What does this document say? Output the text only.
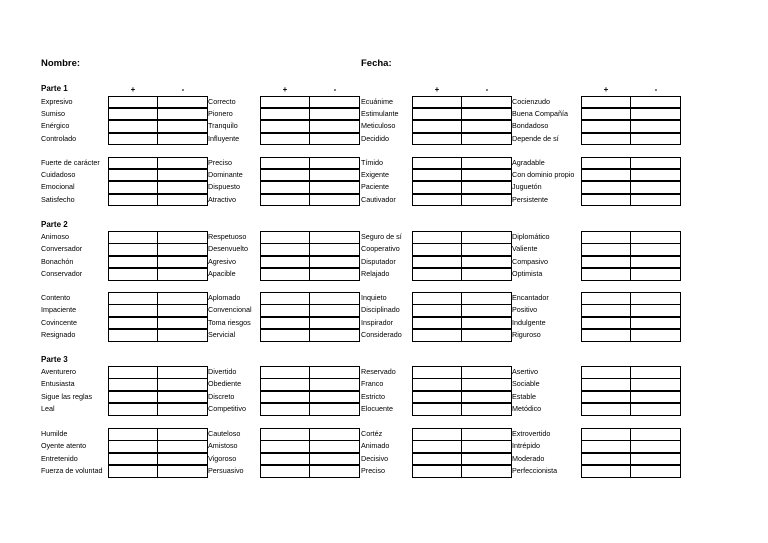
Nombre:	Fecha:
+	-	+	-	+	-	+	-
Parte 1
Expresivo	Correcto	Ecuánime	Cocienzudo
Sumiso	Pionero	Estimulante	Buena Compañía
Enérgico	Tranquilo	Meticuloso	Bondadoso
Controlado	Influyente	Decidido	Depende de sí
Fuerte de carácter	Preciso	Tímido	Agradable
Cuidadoso	Dominante	Exigente	Con dominio propio
Emocional	Dispuesto	Paciente	Juguetón
Satisfecho	Atractivo	Cautivador	Persistente
Parte 2
Animoso	Respetuoso	Seguro de sí	Diplomático
Conversador	Desenvuelto	Cooperativo	Valiente
Bonachón	Agresivo	Disputador	Compasivo
Conservador	Apacible	Relajado	Optimista
Contento	Aplomado	Inquieto	Encantador
Impaciente	Convencional	Disciplinado	Positivo
Covincente	Toma riesgos	Inspirador	Indulgente
Resignado	Servicial	Considerado	Riguroso
Parte 3
Aventurero	Divertido	Reservado	Asertivo
Entusiasta	Obediente	Franco	Sociable
Sigue las reglas	Discreto	Estricto	Estable
Leal	Competitivo	Elocuente	Metódico
Humilde	Cauteloso	Cortéz	Extrovertido
Oyente atento	Amistoso	Animado	Intrépido
Entretenido	Vigoroso	Decisivo	Moderado
Fuerza de voluntad	Persuasivo	Preciso	Perfeccionista
